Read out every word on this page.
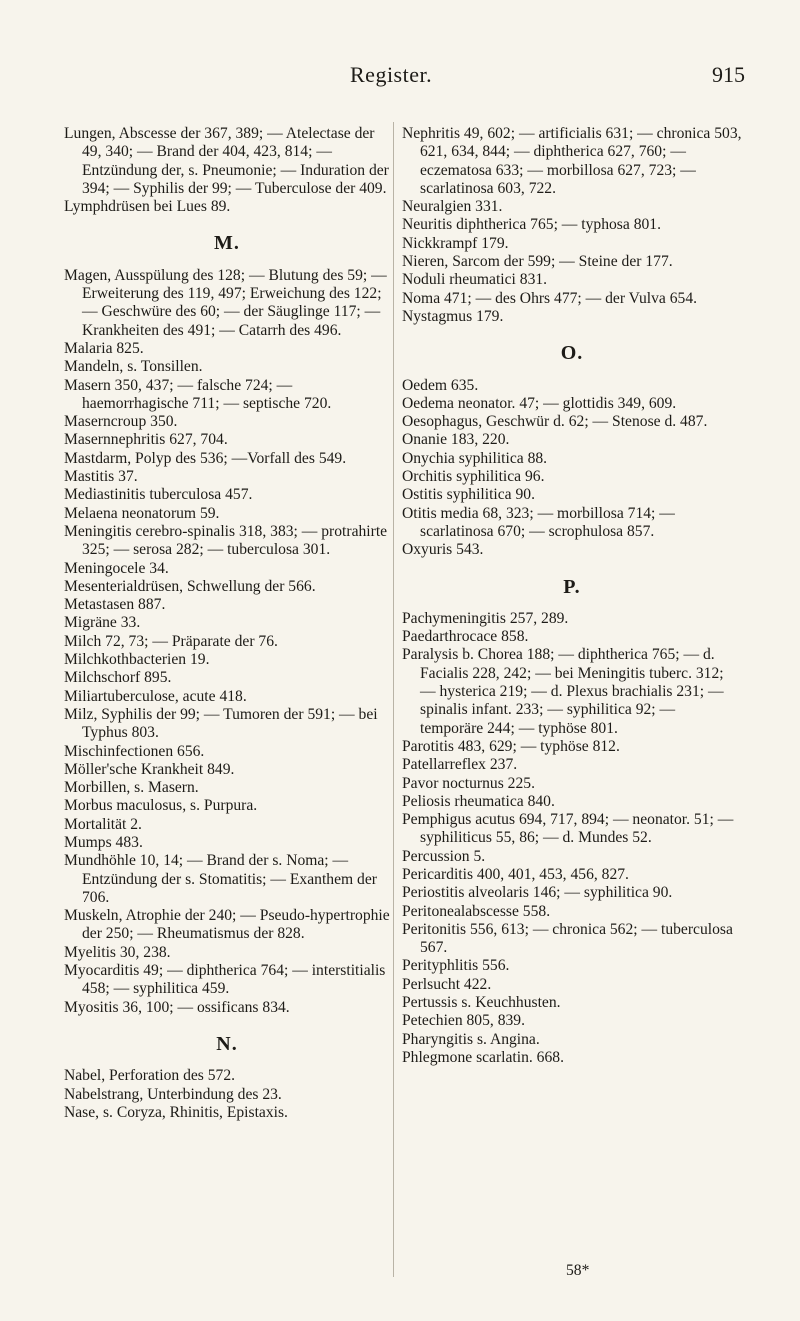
Register.	915
Lungen, Abscesse der 367, 389; — Atelectase der 49, 340; — Brand der 404, 423, 814; — Entzündung der, s. Pneumonie; — Induration der 394; — Syphilis der 99; — Tuberculose der 409.
Lymphdrüsen bei Lues 89.
M.
Magen, Ausspülung des 128; — Blutung des 59; — Erweiterung des 119, 497; Erweichung des 122; — Geschwüre des 60; — der Säuglinge 117; — Krankheiten des 491; — Catarrh des 496.
Malaria 825.
Mandeln, s. Tonsillen.
Masern 350, 437; — falsche 724; — haemorrhagische 711; — septische 720.
Maserncroup 350.
Masernnephritis 627, 704.
Mastdarm, Polyp des 536; —Vorfall des 549.
Mastitis 37.
Mediastinitis tuberculosa 457.
Melaena neonatorum 59.
Meningitis cerebro-spinalis 318, 383; — protrahirte 325; — serosa 282; — tuberculosa 301.
Meningocele 34.
Mesenterialdrüsen, Schwellung der 566.
Metastasen 887.
Migräne 33.
Milch 72, 73; — Präparate der 76.
Milchkothbacterien 19.
Milchschorf 895.
Miliartuberculose, acute 418.
Milz, Syphilis der 99; — Tumoren der 591; — bei Typhus 803.
Mischinfectionen 656.
Möller'sche Krankheit 849.
Morbillen, s. Masern.
Morbus maculosus, s. Purpura.
Mortalität 2.
Mumps 483.
Mundhöhle 10, 14; — Brand der s. Noma; — Entzündung der s. Stomatitis; — Exanthem der 706.
Muskeln, Atrophie der 240; — Pseudo-hypertrophie der 250; — Rheumatismus der 828.
Myelitis 30, 238.
Myocarditis 49; — diphtherica 764; — interstitialis 458; — syphilitica 459.
Myositis 36, 100; — ossificans 834.
N.
Nabel, Perforation des 572.
Nabelstrang, Unterbindung des 23.
Nase, s. Coryza, Rhinitis, Epistaxis.
Nephritis 49, 602; — artificialis 631; — chronica 503, 621, 634, 844; — diphtherica 627, 760; — eczematosa 633; — morbillosa 627, 723; — scarlatinosa 603, 722.
Neuralgien 331.
Neuritis diphtherica 765; — typhosa 801.
Nickkrampf 179.
Nieren, Sarcom der 599; — Steine der 177.
Noduli rheumatici 831.
Noma 471; — des Ohrs 477; — der Vulva 654.
Nystagmus 179.
O.
Oedem 635.
Oedema neonator. 47; — glottidis 349, 609.
Oesophagus, Geschwür d. 62; — Stenose d. 487.
Onanie 183, 220.
Onychia syphilitica 88.
Orchitis syphilitica 96.
Ostitis syphilitica 90.
Otitis media 68, 323; — morbillosa 714; — scarlatinosa 670; — scrophulosa 857.
Oxyuris 543.
P.
Pachymeningitis 257, 289.
Paedarthrocace 858.
Paralysis b. Chorea 188; — diphtherica 765; — d. Facialis 228, 242; — bei Meningitis tuberc. 312; — hysterica 219; — d. Plexus brachialis 231; — spinalis infant. 233; — syphilitica 92; — temporäre 244; — typhöse 801.
Parotitis 483, 629; — typhöse 812.
Patellarreflex 237.
Pavor nocturnus 225.
Peliosis rheumatica 840.
Pemphigus acutus 694, 717, 894; — neonator. 51; — syphiliticus 55, 86; — d. Mundes 52.
Percussion 5.
Pericarditis 400, 401, 453, 456, 827.
Periostitis alveolaris 146; — syphilitica 90.
Peritonealabscesse 558.
Peritonitis 556, 613; — chronica 562; — tuberculosa 567.
Perityphlitis 556.
Perlsucht 422.
Pertussis s. Keuchhusten.
Petechien 805, 839.
Pharyngitis s. Angina.
Phlegmone scarlatin. 668.
58*
